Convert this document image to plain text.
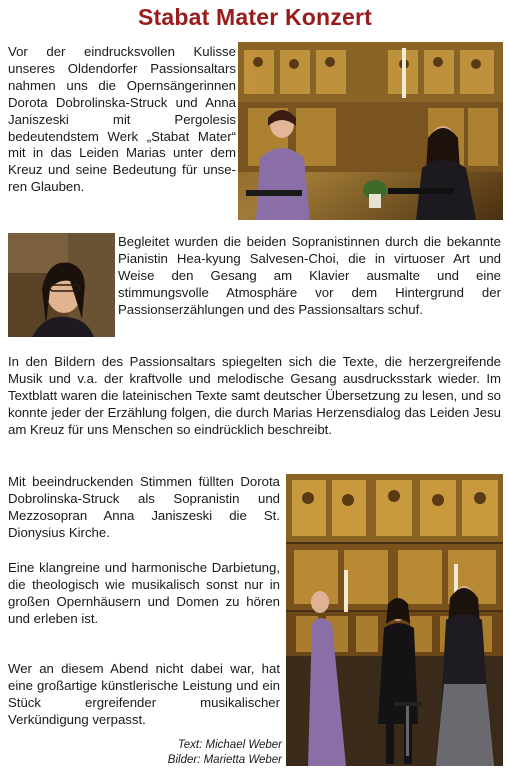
Stabat Mater Konzert

Vor der eindrucksvollen Kulisse unseres Oldendorfer Passionsaltars nahmen uns die Opernsängerinnen Dorota Dobrolinska-Struck und Anna Janiszeski mit Pergolesis bedeutendstem Werk „Stabat Mater“ mit in das Leiden Marias unter dem Kreuz und seine Bedeutung für unseren Glauben.

Begleitet wurden die beiden Sopranistinnen durch die bekannte Pianistin Hea-kyung Salvesen-Choi, die in virtuoser Art und Weise den Gesang am Klavier ausmalte und eine stimmungsvolle Atmosphäre vor dem Hintergrund der Passionserzählungen und des Passionsaltars schuf.

In den Bildern des Passionsaltars spiegelten sich die Texte, die herzergreifende Musik und v.a. der kraftvolle und melodische Gesang ausdrucksstark wieder. Im Textblatt waren die lateinischen Texte samt deutscher Übersetzung zu lesen, und so konnte jeder der Erzählung folgen, die durch Marias Herzensdialog das Leiden Jesu am Kreuz für uns Menschen so eindrücklich beschreibt.

Mit beeindruckenden Stimmen füllten Dorota Dobrolinska-Struck als Sopranistin und Mezzosopran Anna Janiszeski die St. Dionysius Kirche.

Eine klangreine und harmonische Darbietung, die theologisch wie musikalisch sonst nur in großen Opernhäusern und Domen zu hören und erleben ist.

Wer an diesem Abend nicht dabei war, hat eine großartige künstlerische Leistung und ein Stück ergreifender musikalischer Verkündigung verpasst.

Text: Michael Weber
Bilder: Marietta Weber
